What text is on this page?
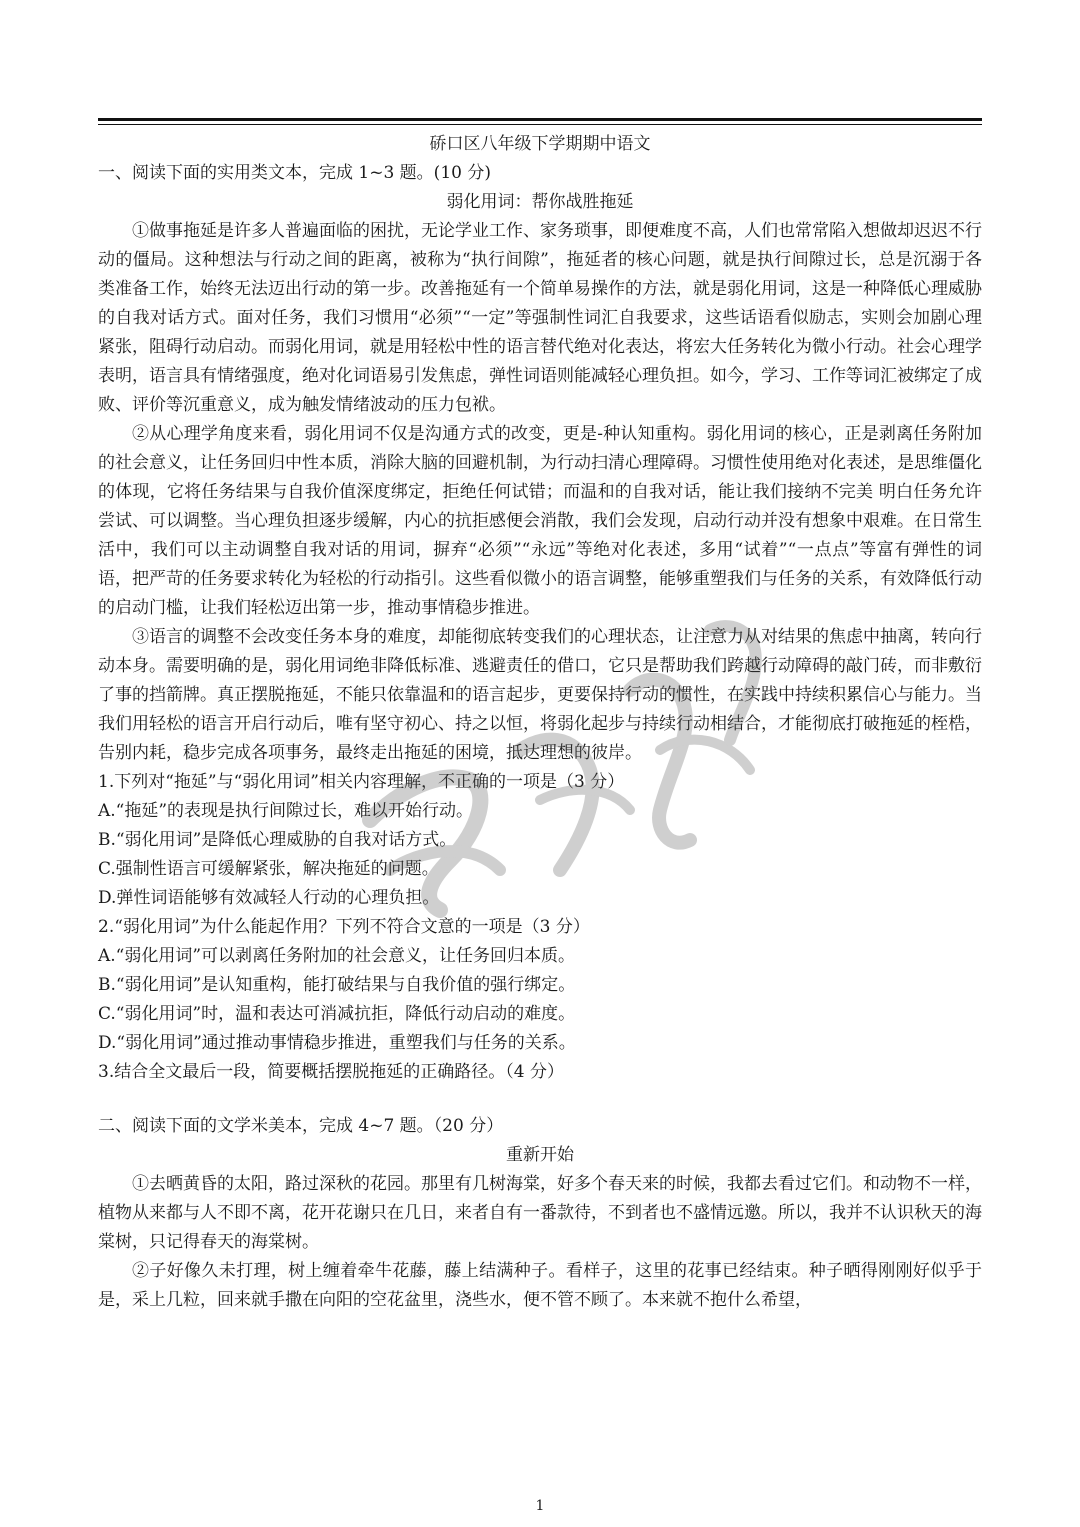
硚口区八年级下学期期中语文

一、阅读下面的实用类文本，完成 1~3 题。(10 分)

弱化用词：帮你战胜拖延

①做事拖延是许多人普遍面临的困扰，无论学业工作、家务琐事，即便难度不高，人们也常常陷入想做却迟迟不行动的僵局。这种想法与行动之间的距离，被称为“执行间隙”，拖延者的核心问题，就是执行间隙过长，总是沉溺于各类准备工作，始终无法迈出行动的第一步。改善拖延有一个简单易操作的方法，就是弱化用词，这是一种降低心理威胁的自我对话方式。面对任务，我们习惯用“必须”“一定”等强制性词汇自我要求，这些话语看似励志，实则会加剧心理紧张，阻碍行动启动。而弱化用词，就是用轻松中性的语言替代绝对化表达，将宏大任务转化为微小行动。社会心理学表明，语言具有情绪强度，绝对化词语易引发焦虑，弹性词语则能减轻心理负担。如今，学习、工作等词汇被绑定了成败、评价等沉重意义，成为触发情绪波动的压力包袱。

②从心理学角度来看，弱化用词不仅是沟通方式的改变，更是-种认知重构。弱化用词的核心，正是剥离任务附加的社会意义，让任务回归中性本质，消除大脑的回避机制，为行动扫清心理障碍。习惯性使用绝对化表述，是思维僵化的体现，它将任务结果与自我价值深度绑定，拒绝任何试错；而温和的自我对话，能让我们接纳不完美 明白任务允许尝试、可以调整。当心理负担逐步缓解，内心的抗拒感便会消散，我们会发现，启动行动并没有想象中艰难。在日常生活中，我们可以主动调整自我对话的用词，摒弃“必须”“永远”等绝对化表述，多用“试着”“一点点”等富有弹性的词语，把严苛的任务要求转化为轻松的行动指引。这些看似微小的语言调整，能够重塑我们与任务的关系，有效降低行动的启动门槛，让我们轻松迈出第一步，推动事情稳步推进。

③语言的调整不会改变任务本身的难度，却能彻底转变我们的心理状态，让注意力从对结果的焦虑中抽离，转向行动本身。需要明确的是，弱化用词绝非降低标准、逃避责任的借口，它只是帮助我们跨越行动障碍的敲门砖，而非敷衍了事的挡箭牌。真正摆脱拖延，不能只依靠温和的语言起步，更要保持行动的惯性，在实践中持续积累信心与能力。当我们用轻松的语言开启行动后，唯有坚守初心、持之以恒，将弱化起步与持续行动相结合，才能彻底打破拖延的桎梏，告别内耗，稳步完成各项事务，最终走出拖延的困境，抵达理想的彼岸。

1.下列对“拖延”与“弱化用词”相关内容理解，不正确的一项是（3 分）

A.“拖延”的表现是执行间隙过长，难以开始行动。

B.“弱化用词”是降低心理威胁的自我对话方式。

C.强制性语言可缓解紧张，解决拖延的问题。

D.弹性词语能够有效减轻人行动的心理负担。

2.“弱化用词”为什么能起作用？下列不符合文意的一项是（3 分）

A.“弱化用词”可以剥离任务附加的社会意义，让任务回归本质。

B.“弱化用词”是认知重构，能打破结果与自我价值的强行绑定。

C.“弱化用词”时，温和表达可消减抗拒，降低行动启动的难度。

D.“弱化用词”通过推动事情稳步推进，重塑我们与任务的关系。

3.结合全文最后一段，简要概括摆脱拖延的正确路径。（4 分）

二、阅读下面的文学米美本，完成 4~7 题。（20 分）

重新开始

①去晒黄昏的太阳，路过深秋的花园。那里有几树海棠，好多个春天来的时候，我都去看过它们。和动物不一样，植物从来都与人不即不离，花开花谢只在几日，来者自有一番款待，不到者也不盛情远邀。所以，我并不认识秋天的海棠树，只记得春天的海棠树。

②子好像久未打理，树上缠着牵牛花藤，藤上结满种子。看样子，这里的花事已经结束。种子晒得刚刚好似乎于是，采上几粒，回来就手撒在向阳的空花盆里，浇些水，便不管不顾了。本来就不抱什么希望，

1
